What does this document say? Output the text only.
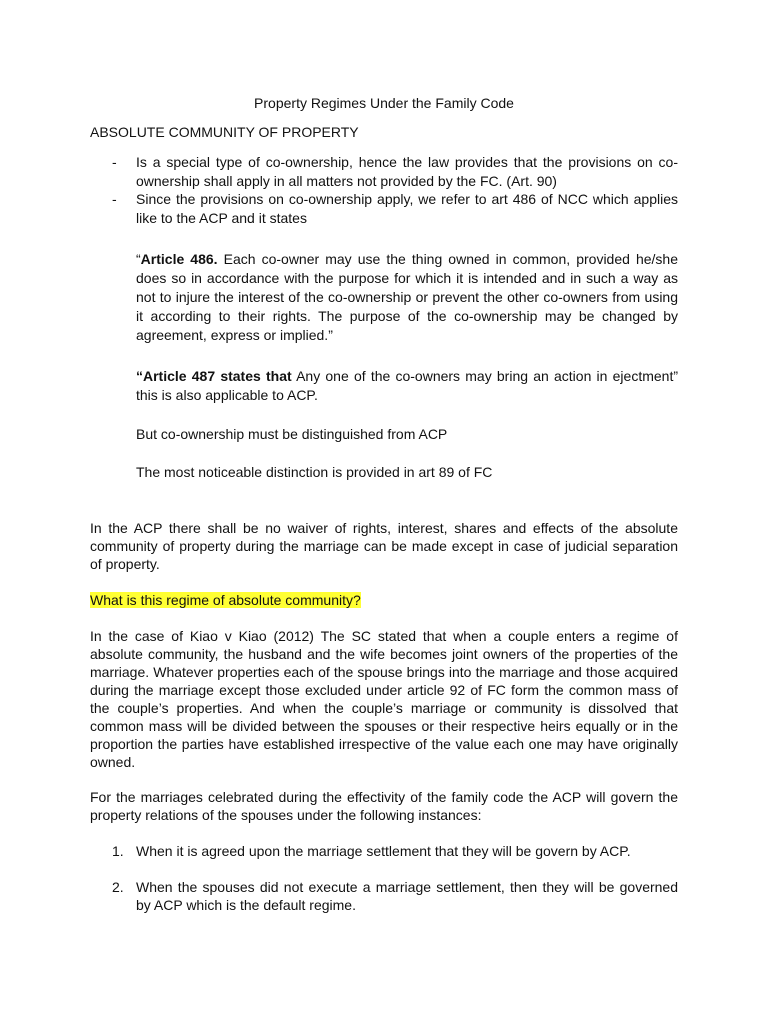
Property Regimes Under the Family Code
ABSOLUTE COMMUNITY OF PROPERTY
- Is a special type of co-ownership, hence the law provides that the provisions on co-ownership shall apply in all matters not provided by the FC. (Art. 90)
- Since the provisions on co-ownership apply, we refer to art 486 of NCC which applies like to the ACP and it states
“Article 486. Each co-owner may use the thing owned in common, provided he/she does so in accordance with the purpose for which it is intended and in such a way as not to injure the interest of the co-ownership or prevent the other co-owners from using it according to their rights. The purpose of the co-ownership may be changed by agreement, express or implied.”
“Article 487 states that Any one of the co-owners may bring an action in ejectment” this is also applicable to ACP.
But co-ownership must be distinguished from ACP
The most noticeable distinction is provided in art 89 of FC
In the ACP there shall be no waiver of rights, interest, shares and effects of the absolute community of property during the marriage can be made except in case of judicial separation of property.
What is this regime of absolute community?
In the case of Kiao v Kiao (2012) The SC stated that when a couple enters a regime of absolute community, the husband and the wife becomes joint owners of the properties of the marriage. Whatever properties each of the spouse brings into the marriage and those acquired during the marriage except those excluded under article 92 of FC form the common mass of the couple’s properties. And when the couple’s marriage or community is dissolved that common mass will be divided between the spouses or their respective heirs equally or in the proportion the parties have established irrespective of the value each one may have originally owned.
For the marriages celebrated during the effectivity of the family code the ACP will govern the property relations of the spouses under the following instances:
1. When it is agreed upon the marriage settlement that they will be govern by ACP.
2. When the spouses did not execute a marriage settlement, then they will be governed by ACP which is the default regime.
